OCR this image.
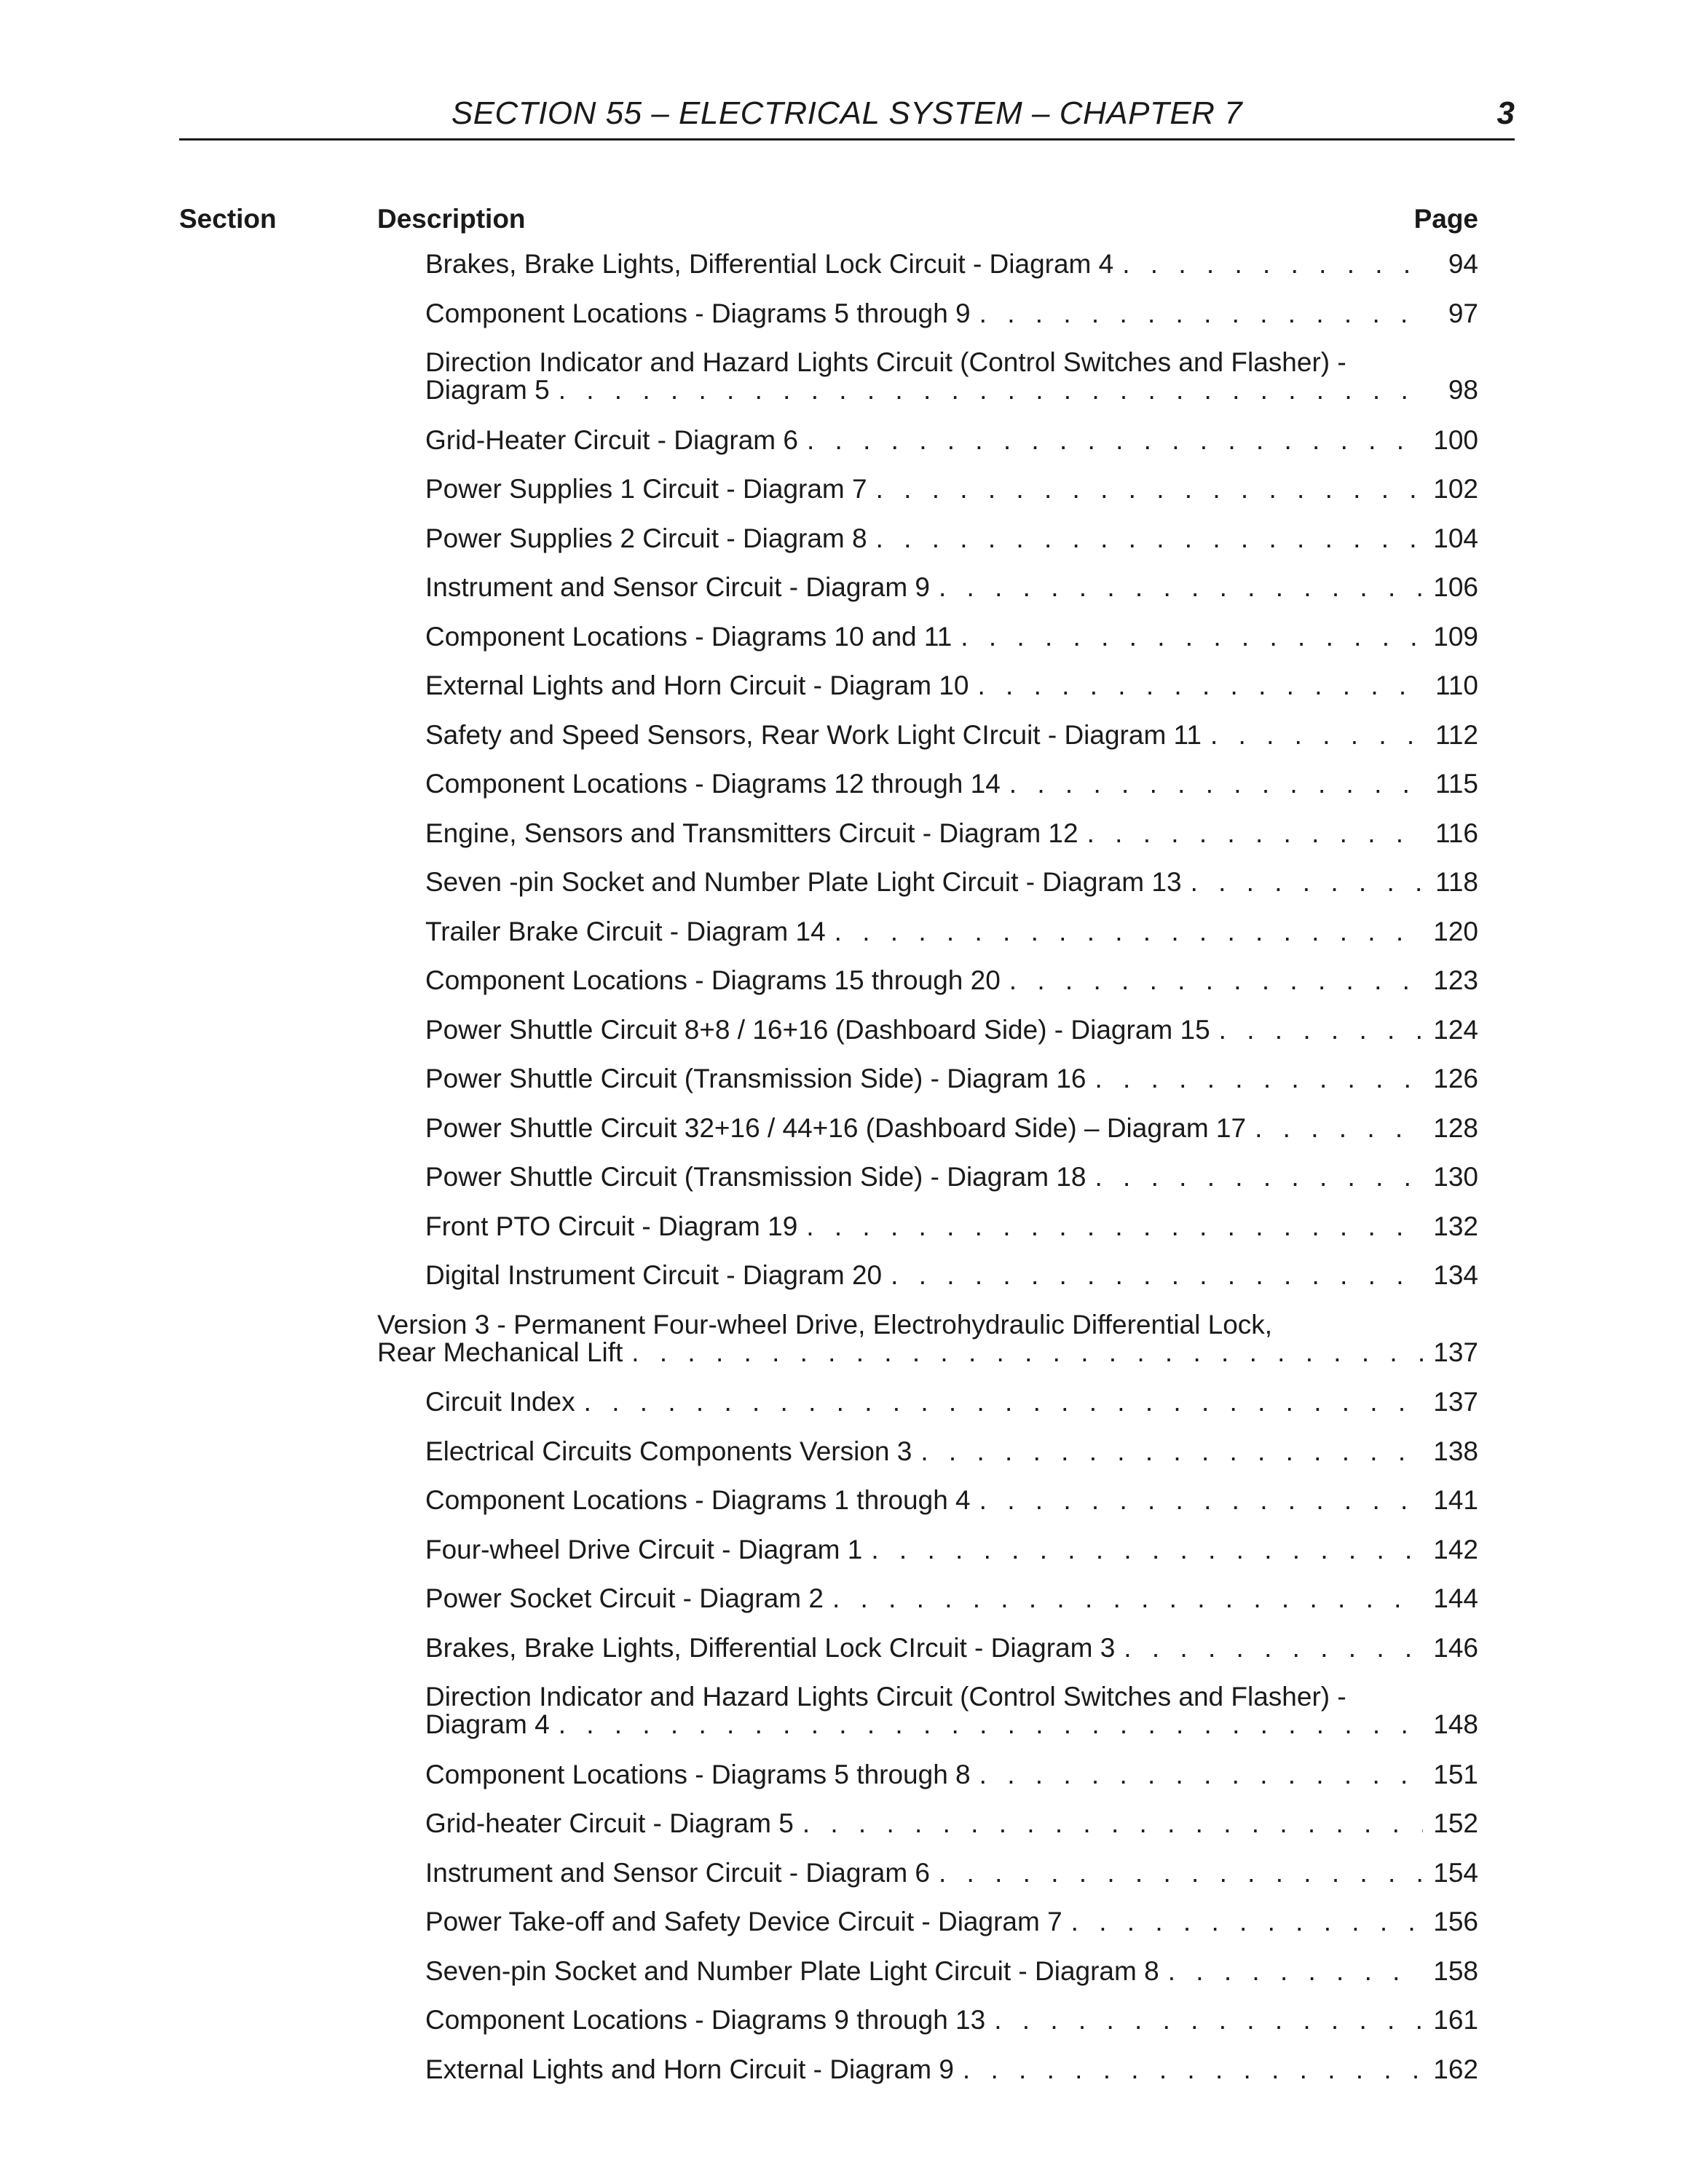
SECTION 55 – ELECTRICAL SYSTEM – CHAPTER 7	3
Section	Description	Page
Brakes, Brake Lights, Differential Lock Circuit - Diagram 4 . . .	94
Component Locations - Diagrams 5 through 9 . . .	97
Direction Indicator and Hazard Lights Circuit (Control Switches and Flasher) -
Diagram 5 . . .	98
Grid-Heater Circuit - Diagram 6 . . .	100
Power Supplies 1 Circuit - Diagram 7 . . .	102
Power Supplies 2 Circuit - Diagram 8 . . .	104
Instrument and Sensor Circuit - Diagram 9 . . .	106
Component Locations - Diagrams 10 and 11 . . .	109
External Lights and Horn Circuit - Diagram 10 . . .	110
Safety and Speed Sensors, Rear Work Light CIrcuit - Diagram 11 . . .	112
Component Locations - Diagrams 12 through 14 . . .	115
Engine, Sensors and Transmitters Circuit - Diagram 12 . . .	116
Seven -pin Socket and Number Plate Light Circuit - Diagram 13 . . .	118
Trailer Brake Circuit - Diagram 14 . . .	120
Component Locations - Diagrams 15 through 20 . . .	123
Power Shuttle Circuit 8+8 / 16+16 (Dashboard Side) - Diagram 15 . . .	124
Power Shuttle Circuit (Transmission Side) - Diagram 16 . . .	126
Power Shuttle Circuit 32+16 / 44+16 (Dashboard Side) – Diagram 17 . . .	128
Power Shuttle Circuit (Transmission Side) - Diagram 18 . . .	130
Front PTO Circuit - Diagram 19 . . .	132
Digital Instrument Circuit - Diagram 20 . . .	134
Version 3 - Permanent Four-wheel Drive, Electrohydraulic Differential Lock,
Rear Mechanical Lift . . .	137
Circuit Index . . .	137
Electrical Circuits Components Version 3 . . .	138
Component Locations - Diagrams 1 through 4 . . .	141
Four-wheel Drive Circuit - Diagram 1 . . .	142
Power Socket Circuit - Diagram 2 . . .	144
Brakes, Brake Lights, Differential Lock CIrcuit - Diagram 3 . . .	146
Direction Indicator and Hazard Lights Circuit (Control Switches and Flasher) -
Diagram 4 . . .	148
Component Locations - Diagrams 5 through 8 . . .	151
Grid-heater Circuit - Diagram 5 . . .	152
Instrument and Sensor Circuit - Diagram 6 . . .	154
Power Take-off and Safety Device Circuit - Diagram 7 . . .	156
Seven-pin Socket and Number Plate Light Circuit - Diagram 8 . . .	158
Component Locations - Diagrams 9 through 13 . . .	161
External Lights and Horn Circuit - Diagram 9 . . .	162
